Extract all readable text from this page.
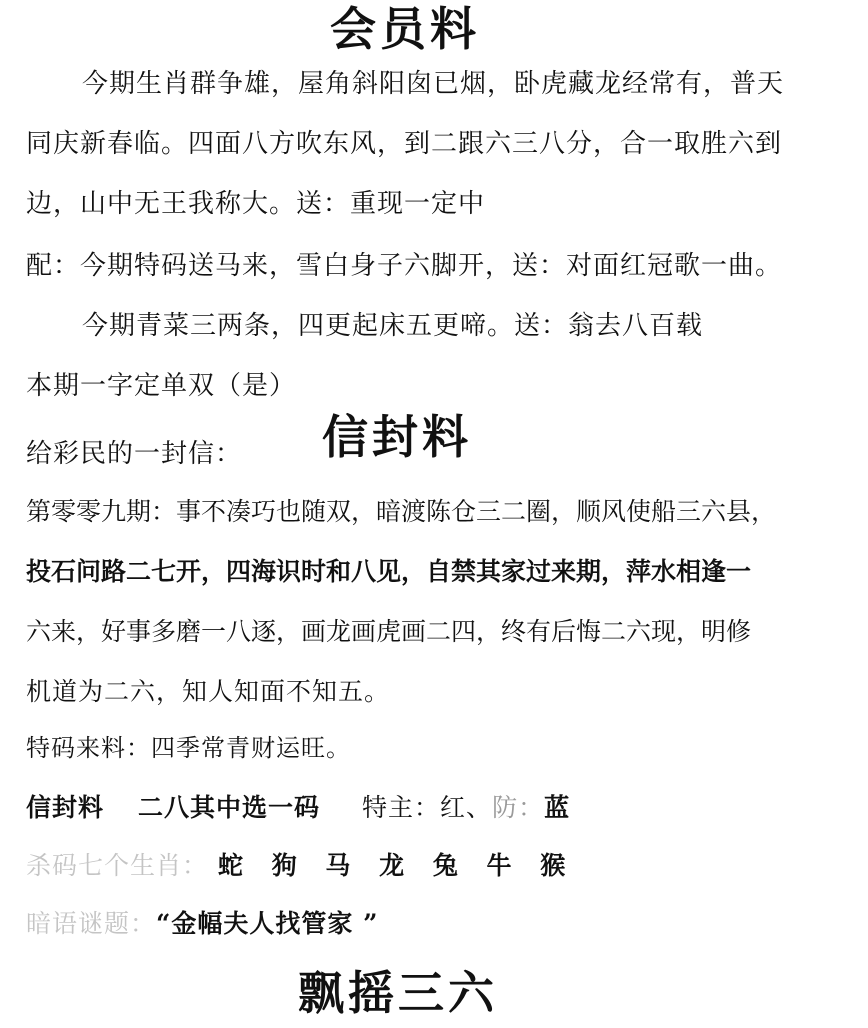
会员料
今期生肖群争雄，屋角斜阳囱已烟，卧虎藏龙经常有，普天
同庆新春临。四面八方吹东风，到二跟六三八分，合一取胜六到
边，山中无王我称大。送：重现一定中
配：今期特码送马来，雪白身子六脚开，送：对面红冠歌一曲。
今期青菜三两条，四更起床五更啼。送：翁去八百载
本期一字定单双（是）
给彩民的一封信： 信封料
第零零九期：事不凑巧也随双，暗渡陈仓三二圈，顺风使船三六县，
投石问路二七开，四海识时和八见，自禁其家过来期，萍水相逢一
六来，好事多磨一八逐，画龙画虎画二四，终有后悔二六现，明修
机道为二六，知人知面不知五。
特码来料：四季常青财运旺。
信封料 二八其中选一码 特主：红、防：蓝
杀码七个生肖： 蛇 狗 马 龙 兔 牛 猴
暗语谜题：“金幅夫人找管家 ”
飘摇三六
